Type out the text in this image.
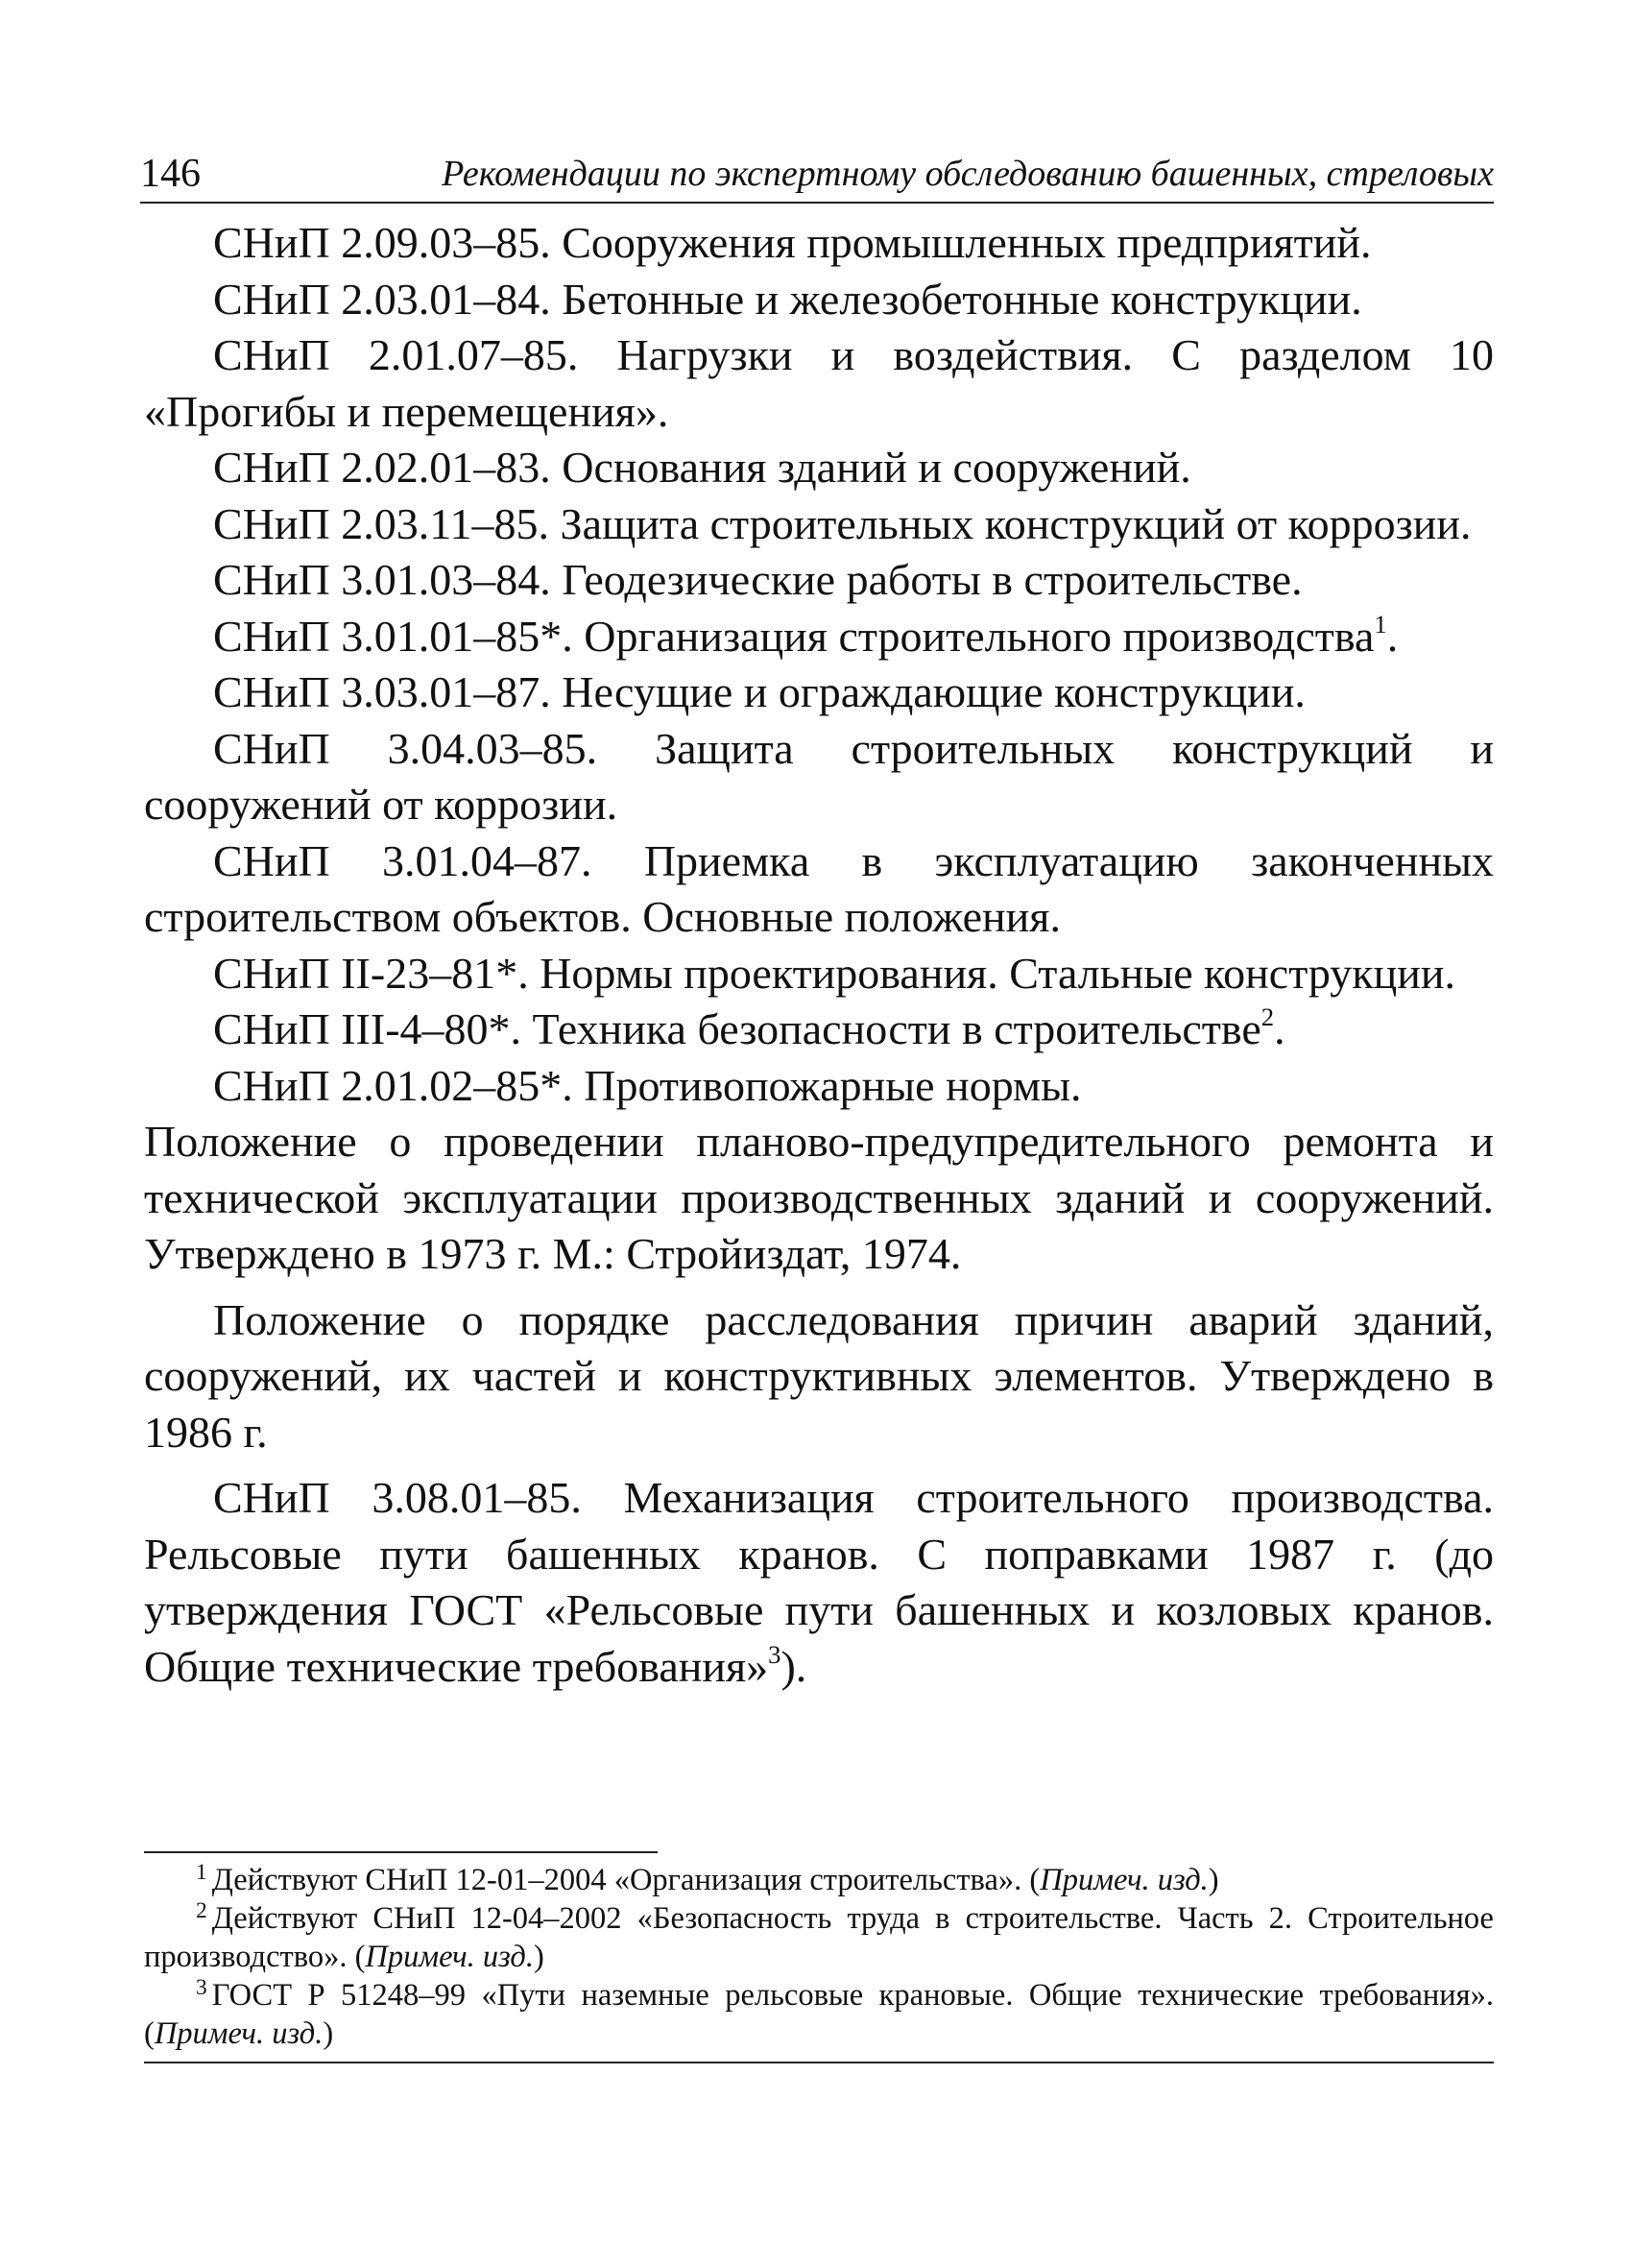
146	Рекомендации по экспертному обследованию башенных, стреловых

СНиП 2.09.03–85. Сооружения промышленных предприятий.

СНиП 2.03.01–84. Бетонные и железобетонные конструкции.

СНиП 2.01.07–85. Нагрузки и воздействия. С разделом 10 «Прогибы и перемещения».

СНиП 2.02.01–83. Основания зданий и сооружений.

СНиП 2.03.11–85. Защита строительных конструкций от коррозии.

СНиП 3.01.03–84. Геодезические работы в строительстве.

СНиП 3.01.01–85*. Организация строительного производства$^1$.

СНиП 3.03.01–87. Несущие и ограждающие конструкции.

СНиП 3.04.03–85. Защита строительных конструкций и сооружений от коррозии.

СНиП 3.01.04–87. Приемка в эксплуатацию законченных строительством объектов. Основные положения.

СНиП II-23–81*. Нормы проектирования. Стальные конструкции.

СНиП III-4–80*. Техника безопасности в строительстве$^2$.

СНиП 2.01.02–85*. Противопожарные нормы.

Положение о проведении планово-предупредительного ремонта и технической эксплуатации производственных зданий и сооружений. Утверждено в 1973 г. М.: Стройиздат, 1974.

Положение о порядке расследования причин аварий зданий, сооружений, их частей и конструктивных элементов. Утверждено в 1986 г.

СНиП 3.08.01–85. Механизация строительного производства. Рельсовые пути башенных кранов. С поправками 1987 г. (до утверждения ГОСТ «Рельсовые пути башенных и козловых кранов. Общие технические требования»$^3$).

$^1$ Действуют СНиП 12-01–2004 «Организация строительства». (Примеч. изд.)

$^2$ Действуют СНиП 12-04–2002 «Безопасность труда в строительстве. Часть 2. Строительное производство». (Примеч. изд.)

$^3$ ГОСТ Р 51248–99 «Пути наземные рельсовые крановые. Общие технические требования». (Примеч. изд.)
